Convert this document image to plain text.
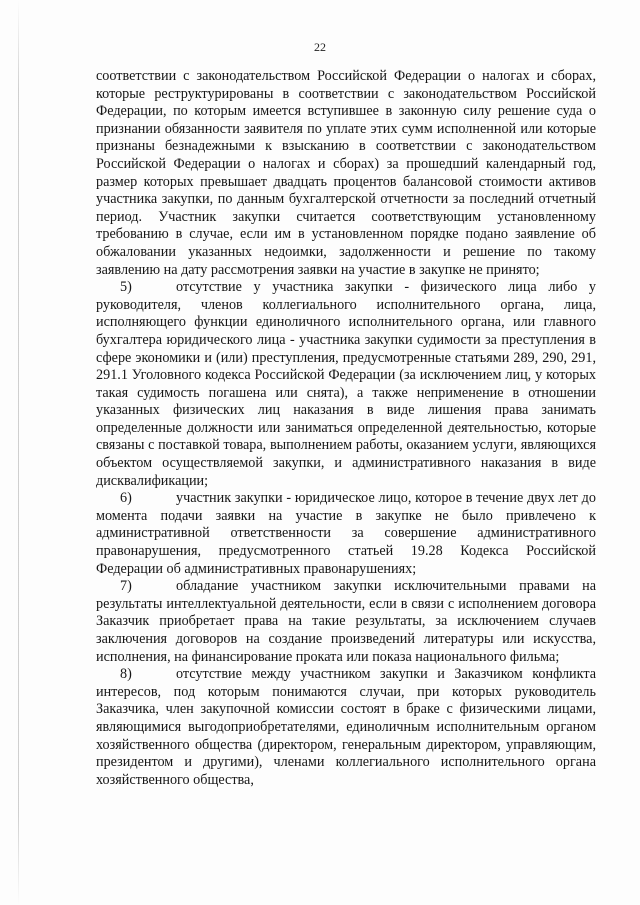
22

соответствии с законодательством Российской Федерации о налогах и сборах, которые реструктурированы в соответствии с законодательством Российской Федерации, по которым имеется вступившее в законную силу решение суда о признании обязанности заявителя по уплате этих сумм исполненной или которые признаны безнадежными к взысканию в соответствии с законодательством Российской Федерации о налогах и сборах) за прошедший календарный год, размер которых превышает двадцать процентов балансовой стоимости активов участника закупки, по данным бухгалтерской отчетности за последний отчетный период. Участник закупки считается соответствующим установленному требованию в случае, если им в установленном порядке подано заявление об обжаловании указанных недоимки, задолженности и решение по такому заявлению на дату рассмотрения заявки на участие в закупке не принято;

5)	отсутствие у участника закупки - физического лица либо у руководителя, членов коллегиального исполнительного органа, лица, исполняющего функции единоличного исполнительного органа, или главного бухгалтера юридического лица - участника закупки судимости за преступления в сфере экономики и (или) преступления, предусмотренные статьями 289, 290, 291, 291.1 Уголовного кодекса Российской Федерации (за исключением лиц, у которых такая судимость погашена или снята), а также неприменение в отношении указанных физических лиц наказания в виде лишения права занимать определенные должности или заниматься определенной деятельностью, которые связаны с поставкой товара, выполнением работы, оказанием услуги, являющихся объектом осуществляемой закупки, и административного наказания в виде дисквалификации;

6)	участник закупки - юридическое лицо, которое в течение двух лет до момента подачи заявки на участие в закупке не было привлечено к административной ответственности за совершение административного правонарушения, предусмотренного статьей 19.28 Кодекса Российской Федерации об административных правонарушениях;

7)	обладание участником закупки исключительными правами на результаты интеллектуальной деятельности, если в связи с исполнением договора Заказчик приобретает права на такие результаты, за исключением случаев заключения договоров на создание произведений литературы или искусства, исполнения, на финансирование проката или показа национального фильма;

8)	отсутствие между участником закупки и Заказчиком конфликта интересов, под которым понимаются случаи, при которых руководитель Заказчика, член закупочной комиссии состоят в браке с физическими лицами, являющимися выгодоприобретателями, единоличным исполнительным органом хозяйственного общества (директором, генеральным директором, управляющим, президентом и другими), членами коллегиального исполнительного органа хозяйственного общества,
